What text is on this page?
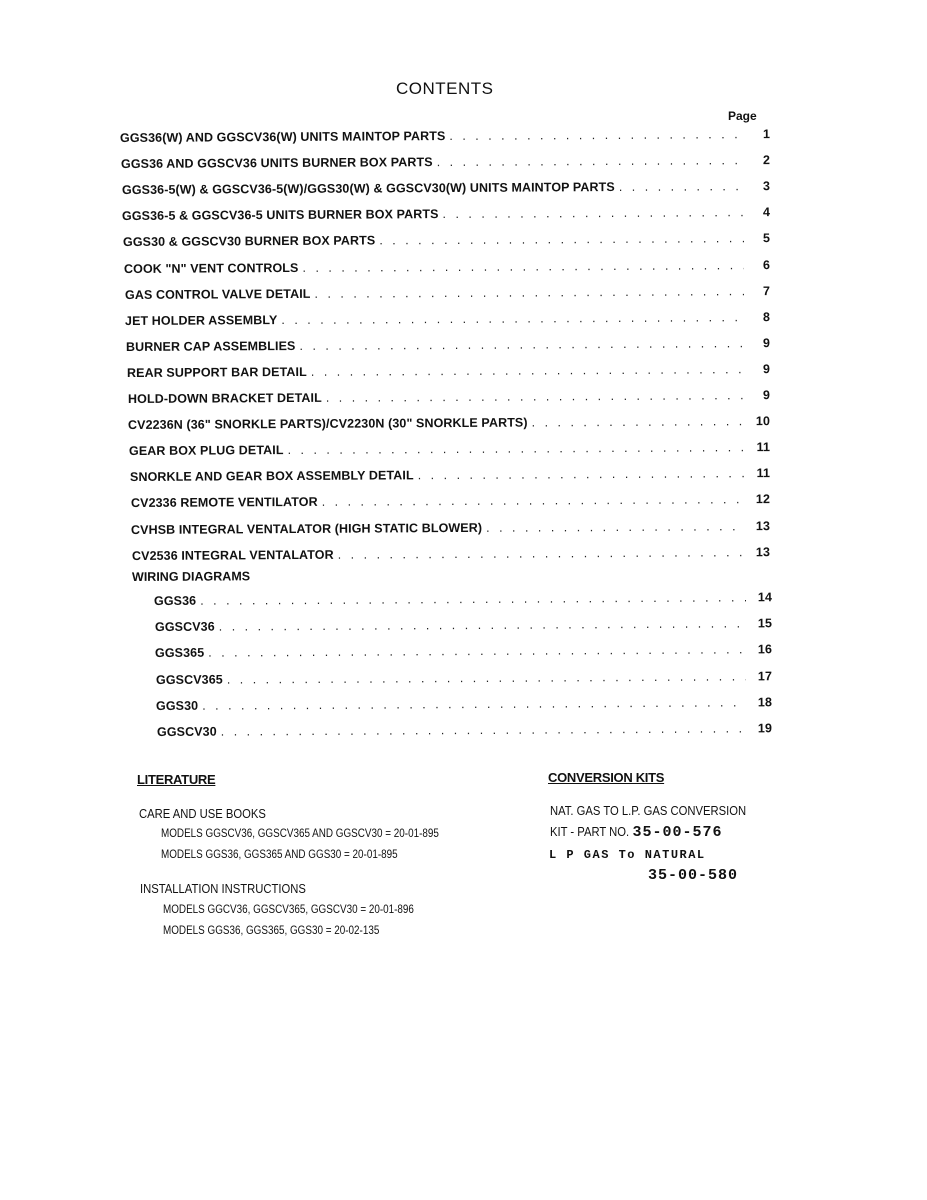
CONTENTS
Page
GGS36(W) AND GGSCV36(W) UNITS MAINTOP PARTS . . .	1
GGS36 AND GGSCV36 UNITS BURNER BOX PARTS . . .	2
GGS36-5(W) & GGSCV36-5(W)/GGS30(W) & GGSCV30(W) UNITS MAINTOP PARTS . . .	3
GGS36-5 & GGSCV36-5 UNITS BURNER BOX PARTS . . .	4
GGS30 & GGSCV30 BURNER BOX PARTS . . .	5
COOK "N" VENT CONTROLS . . .	6
GAS CONTROL VALVE DETAIL . . .	7
JET HOLDER ASSEMBLY . . .	8
BURNER CAP ASSEMBLIES . . .	9
REAR SUPPORT BAR DETAIL . . .	9
HOLD-DOWN BRACKET DETAIL . . .	9
CV2236N (36" SNORKLE PARTS)/CV2230N (30" SNORKLE PARTS) . . .	10
GEAR BOX PLUG DETAIL . . .	11
SNORKLE AND GEAR BOX ASSEMBLY DETAIL . . .	11
CV2336 REMOTE VENTILATOR . . .	12
CVHSB INTEGRAL VENTALATOR (HIGH STATIC BLOWER) . . .	13
CV2536 INTEGRAL VENTALATOR . . .	13
WIRING DIAGRAMS
GGS36 . . .	14
GGSCV36 . . .	15
GGS365 . . .	16
GGSCV365 . . .	17
GGS30 . . .	18
GGSCV30 . . .	19
LITERATURE
CARE AND USE BOOKS
MODELS GGSCV36, GGSCV365 AND GGSCV30 = 20-01-895
MODELS GGS36, GGS365 AND GGS30 = 20-01-895
INSTALLATION INSTRUCTIONS
MODELS GGCV36, GGSCV365, GGSCV30 = 20-01-896
MODELS GGS36, GGS365, GGS30 = 20-02-135
CONVERSION KITS
NAT. GAS TO L.P. GAS CONVERSION
KIT - PART NO. 35-00-576
L P GAS To NATURAL
35-00-580
